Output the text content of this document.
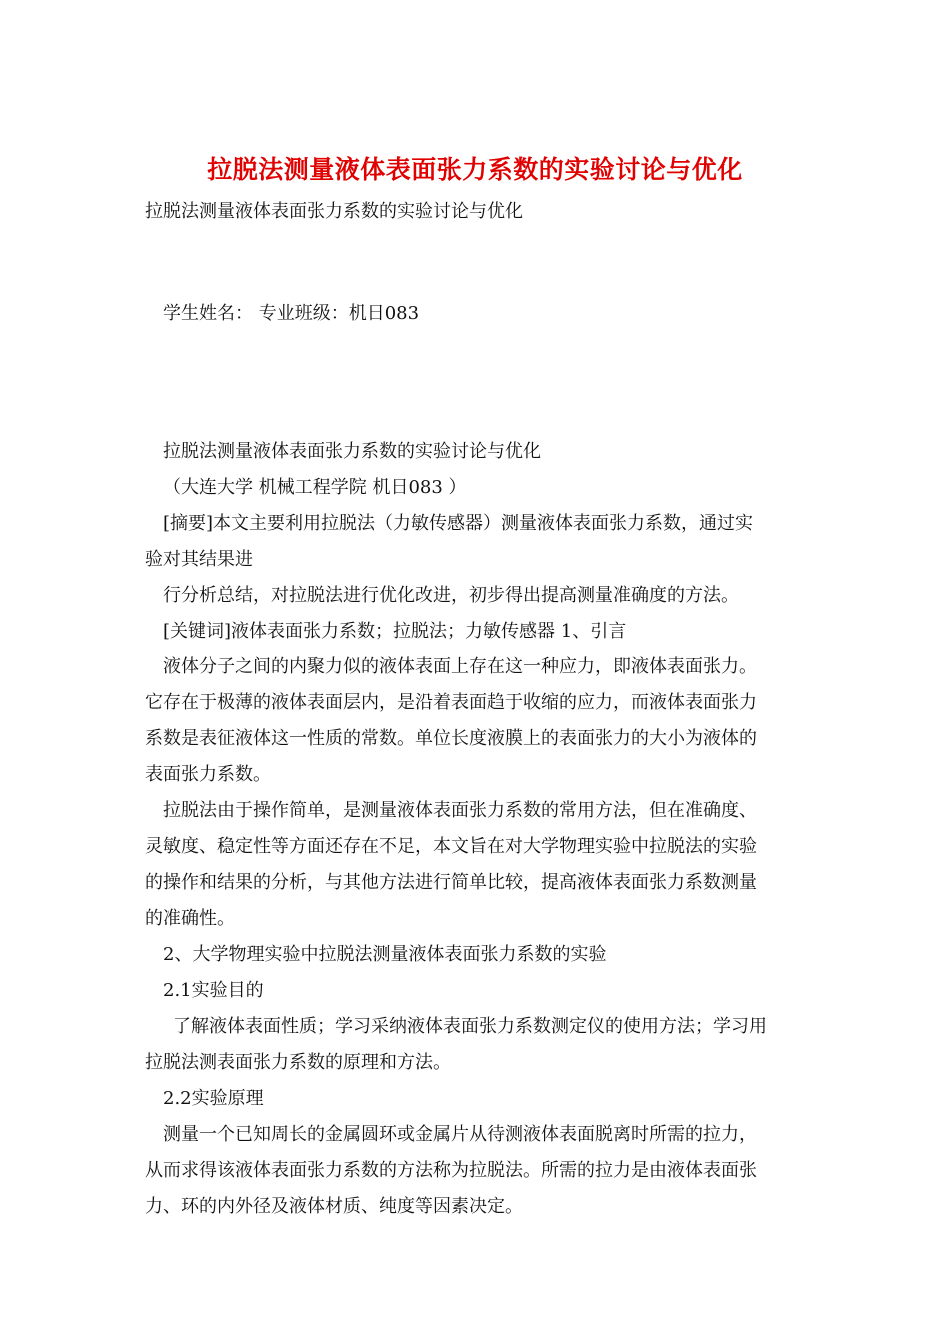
拉脱法测量液体表面张力系数的实验讨论与优化
拉脱法测量液体表面张力系数的实验讨论与优化
学生姓名： 专业班级：机日083
拉脱法测量液体表面张力系数的实验讨论与优化
（大连大学 机械工程学院 机日083 ）
[摘要]本文主要利用拉脱法（力敏传感器）测量液体表面张力系数，通过实
验对其结果进
行分析总结，对拉脱法进行优化改进，初步得出提高测量准确度的方法。
[关键词]液体表面张力系数；拉脱法；力敏传感器 1、引言
液体分子之间的内聚力似的液体表面上存在这一种应力，即液体表面张力。
它存在于极薄的液体表面层内，是沿着表面趋于收缩的应力，而液体表面张力
系数是表征液体这一性质的常数。单位长度液膜上的表面张力的大小为液体的
表面张力系数。
拉脱法由于操作简单，是测量液体表面张力系数的常用方法，但在准确度、
灵敏度、稳定性等方面还存在不足，本文旨在对大学物理实验中拉脱法的实验
的操作和结果的分析，与其他方法进行简单比较，提高液体表面张力系数测量
的准确性。
2、大学物理实验中拉脱法测量液体表面张力系数的实验
2.1实验目的
了解液体表面性质；学习采纳液体表面张力系数测定仪的使用方法；学习用
拉脱法测表面张力系数的原理和方法。
2.2实验原理
测量一个已知周长的金属圆环或金属片从待测液体表面脱离时所需的拉力，
从而求得该液体表面张力系数的方法称为拉脱法。所需的拉力是由液体表面张
力、环的内外径及液体材质、纯度等因素决定。
